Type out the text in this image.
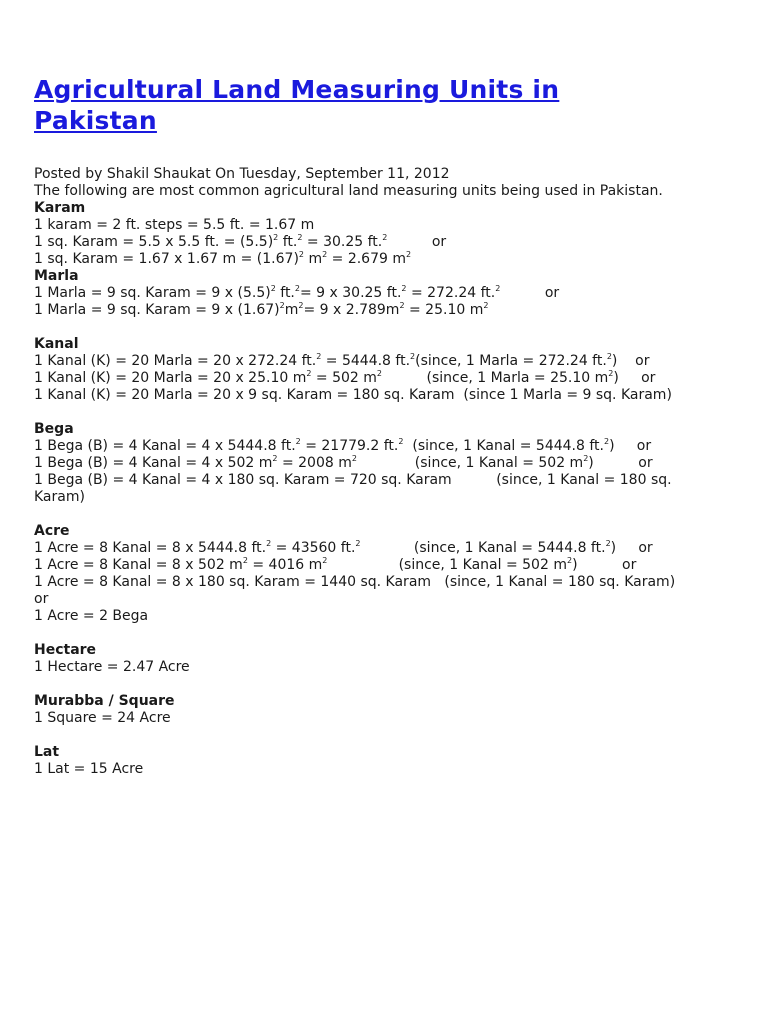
Agricultural Land Measuring Units in
Pakistan
Posted by Shakil Shaukat On Tuesday, September 11, 2012
The following are most common agricultural land measuring units being used in Pakistan.
Karam
1 karam = 2 ft. steps = 5.5 ft. = 1.67 m
1 sq. Karam = 5.5 x 5.5 ft. = $(5.5)^2$ ft.$^2$ = 30.25 ft.$^2$          or
1 sq. Karam = 1.67 x 1.67 $m = (1.67)^2$ $m^2 = 2.679$ $m^2$
Marla
1 Marla = 9 sq. Karam = 9 x $(5.5)^2$ ft.$^2$= 9 x 30.25 ft.$^2$ = 272.24 ft.$^2$          or
1 Marla = 9 sq. Karam = 9 x $(1.67)^2m^2= 9$ x $2.789m^2 = 25.10$ $m^2$
Kanal
1 Kanal (K) = 20 Marla = 20 x 272.24 ft.$^2$ = 5444.8 ft.$^2$(since, 1 Marla = 272.24 ft.$^2$)    or
1 Kanal (K) = 20 Marla = 20 x 25.10 $m^2 = 502$ $m^2$          (since, 1 Marla = 25.10 $m^2$)     or
1 Kanal (K) = 20 Marla = 20 x 9 sq. Karam = 180 sq. Karam  (since 1 Marla = 9 sq. Karam)
Bega
1 Bega (B) = 4 Kanal = 4 x 5444.8 ft.$^2$ = 21779.2 ft.$^2$  (since, 1 Kanal = 5444.8 ft.$^2$)     or
1 Bega (B) = 4 Kanal = 4 x 502 $m^2 = 2008$ $m^2$             (since, 1 Kanal = 502 $m^2$)          or
1 Bega (B) = 4 Kanal = 4 x 180 sq. Karam = 720 sq. Karam          (since, 1 Kanal = 180 sq.
Karam)
Acre
1 Acre = 8 Kanal = 8 x 5444.8 ft.$^2$ = 43560 ft.$^2$            (since, 1 Kanal = 5444.8 ft.$^2$)     or
1 Acre = 8 Kanal = 8 x 502 $m^2 = 4016$ $m^2$                (since, 1 Kanal = 502 $m^2$)          or
1 Acre = 8 Kanal = 8 x 180 sq. Karam = 1440 sq. Karam   (since, 1 Kanal = 180 sq. Karam)
or
1 Acre = 2 Bega
Hectare
1 Hectare = 2.47 Acre
Murabba / Square
1 Square = 24 Acre
Lat
1 Lat = 15 Acre
